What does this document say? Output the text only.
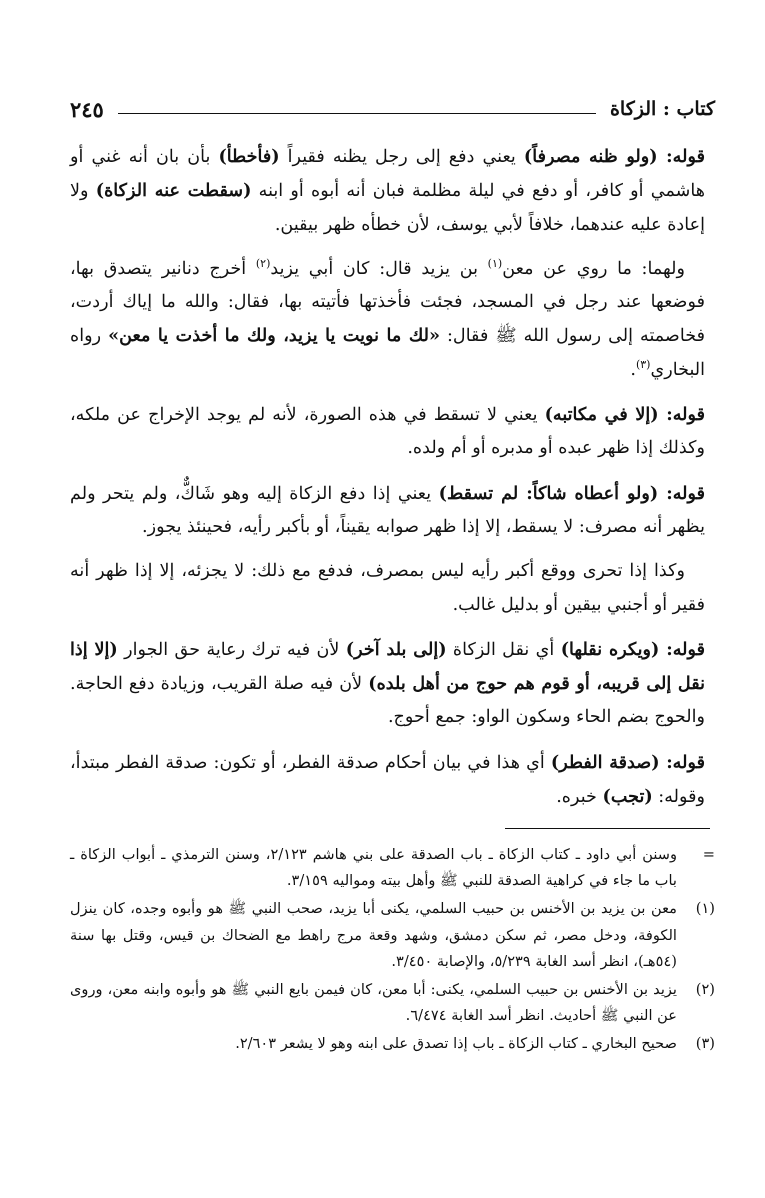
كتاب : الزكاة
٢٤٥

قوله: (ولو ظنه مصرفاً) يعني دفع إلى رجل يظنه فقيراً (فأخطأ) بأن بان أنه غني أو هاشمي أو كافر، أو دفع في ليلة مظلمة فبان أنه أبوه أو ابنه (سقطت عنه الزكاة) ولا إعادة عليه عندهما، خلافاً لأبي يوسف، لأن خطأه ظهر بيقين.

ولهما: ما روي عن معن$^{(١)}$ بن يزيد قال: كان أبي يزيد$^{(٢)}$ أخرج دنانير يتصدق بها، فوضعها عند رجل في المسجد، فجئت فأخذتها فأتيته بها، فقال: والله ما إياك أردت، فخاصمته إلى رسول الله ﷺ فقال: «لك ما نويت يا يزيد، ولك ما أخذت يا معن» رواه البخاري$^{(٣)}$.

قوله: (إلا في مكاتبه) يعني لا تسقط في هذه الصورة، لأنه لم يوجد الإخراج عن ملكه، وكذلك إذا ظهر عبده أو مدبره أو أم ولده.

قوله: (ولو أعطاه شاكاً: لم تسقط) يعني إذا دفع الزكاة إليه وهو شَاكٌّ، ولم يتحر ولم يظهر أنه مصرف: لا يسقط، إلا إذا ظهر صوابه يقيناً، أو بأكبر رأيه، فحينئذ يجوز.

وكذا إذا تحرى ووقع أكبر رأيه ليس بمصرف، فدفع مع ذلك: لا يجزئه، إلا إذا ظهر أنه فقير أو أجنبي بيقين أو بدليل غالب.

قوله: (ويكره نقلها) أي نقل الزكاة (إلى بلد آخر) لأن فيه ترك رعاية حق الجوار (إلا إذا نقل إلى قريبه، أو قوم هم حوج من أهل بلده) لأن فيه صلة القريب، وزيادة دفع الحاجة. والحوج بضم الحاء وسكون الواو: جمع أحوج.

قوله: (صدقة الفطر) أي هذا في بيان أحكام صدقة الفطر، أو تكون: صدقة الفطر مبتدأ، وقوله: (تجب) خبره.

=
وسنن أبي داود ـ كتاب الزكاة ـ باب الصدقة على بني هاشم ٢/١٢٣، وسنن الترمذي ـ أبواب الزكاة ـ باب ما جاء في كراهية الصدقة للنبي ﷺ وأهل بيته ومواليه ٣/١٥٩.
(١)
معن بن يزيد بن الأخنس بن حبيب السلمي، يكنى أبا يزيد، صحب النبي ﷺ هو وأبوه وجده، كان ينزل الكوفة، ودخل مصر، ثم سكن دمشق، وشهد وقعة مرج راهط مع الضحاك بن قيس، وقتل بها سنة (٥٤هـ)، انظر أسد الغابة ٥/٢٣٩، والإصابة ٣/٤٥٠.
(٢)
يزيد بن الأخنس بن حبيب السلمي، يكنى: أبا معن، كان فيمن بايع النبي ﷺ هو وأبوه وابنه معن، وروى عن النبي ﷺ أحاديث. انظر أسد الغابة ٦/٤٧٤.
(٣)
صحيح البخاري ـ كتاب الزكاة ـ باب إذا تصدق على ابنه وهو لا يشعر ٢/٦٠٣.
